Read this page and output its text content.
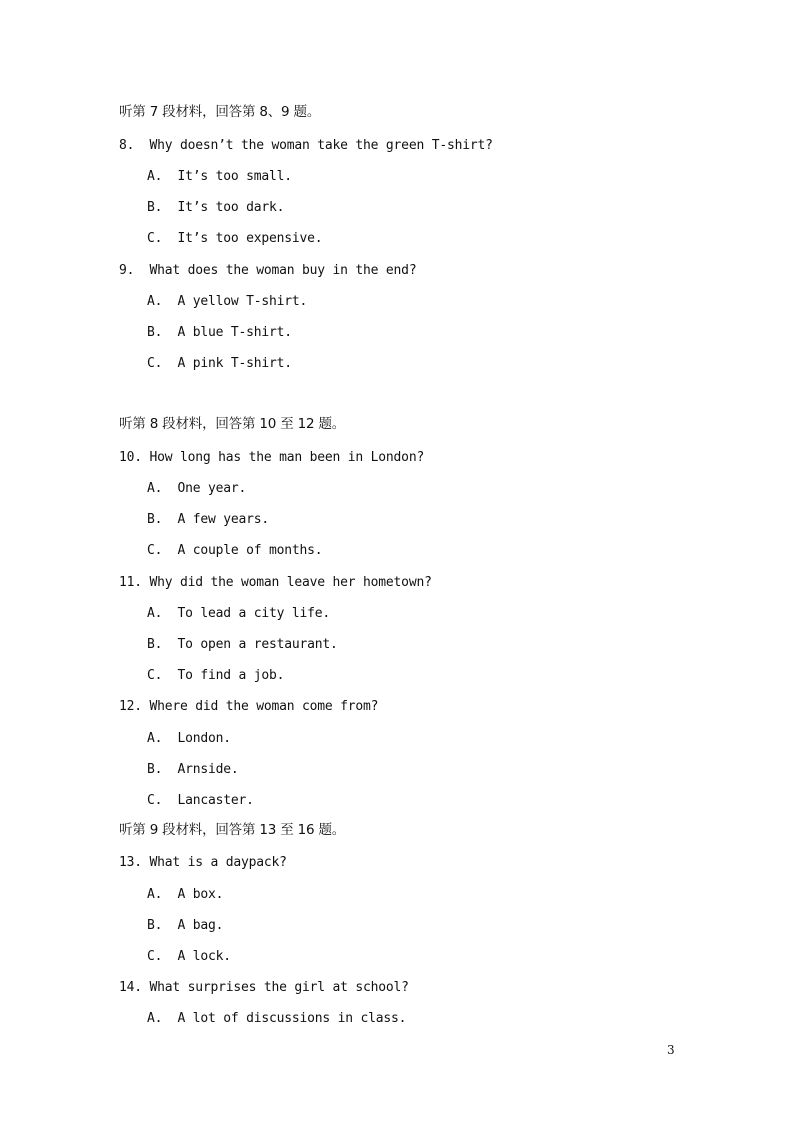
听第 7 段材料，回答第 8、9 题。
8.  Why doesn’t the woman take the green T-shirt?
A.  It’s too small.
B.  It’s too dark.
C.  It’s too expensive.
9.  What does the woman buy in the end?
A.  A yellow T-shirt.
B.  A blue T-shirt.
C.  A pink T-shirt.
听第 8 段材料，回答第 10 至 12 题。
10. How long has the man been in London?
A.  One year.
B.  A few years.
C.  A couple of months.
11. Why did the woman leave her hometown?
A.  To lead a city life.
B.  To open a restaurant.
C.  To find a job.
12. Where did the woman come from?
A.  London.
B.  Arnside.
C.  Lancaster.
听第 9 段材料，回答第 13 至 16 题。
13. What is a daypack?
A.  A box.
B.  A bag.
C.  A lock.
14. What surprises the girl at school?
A.  A lot of discussions in class.
3
